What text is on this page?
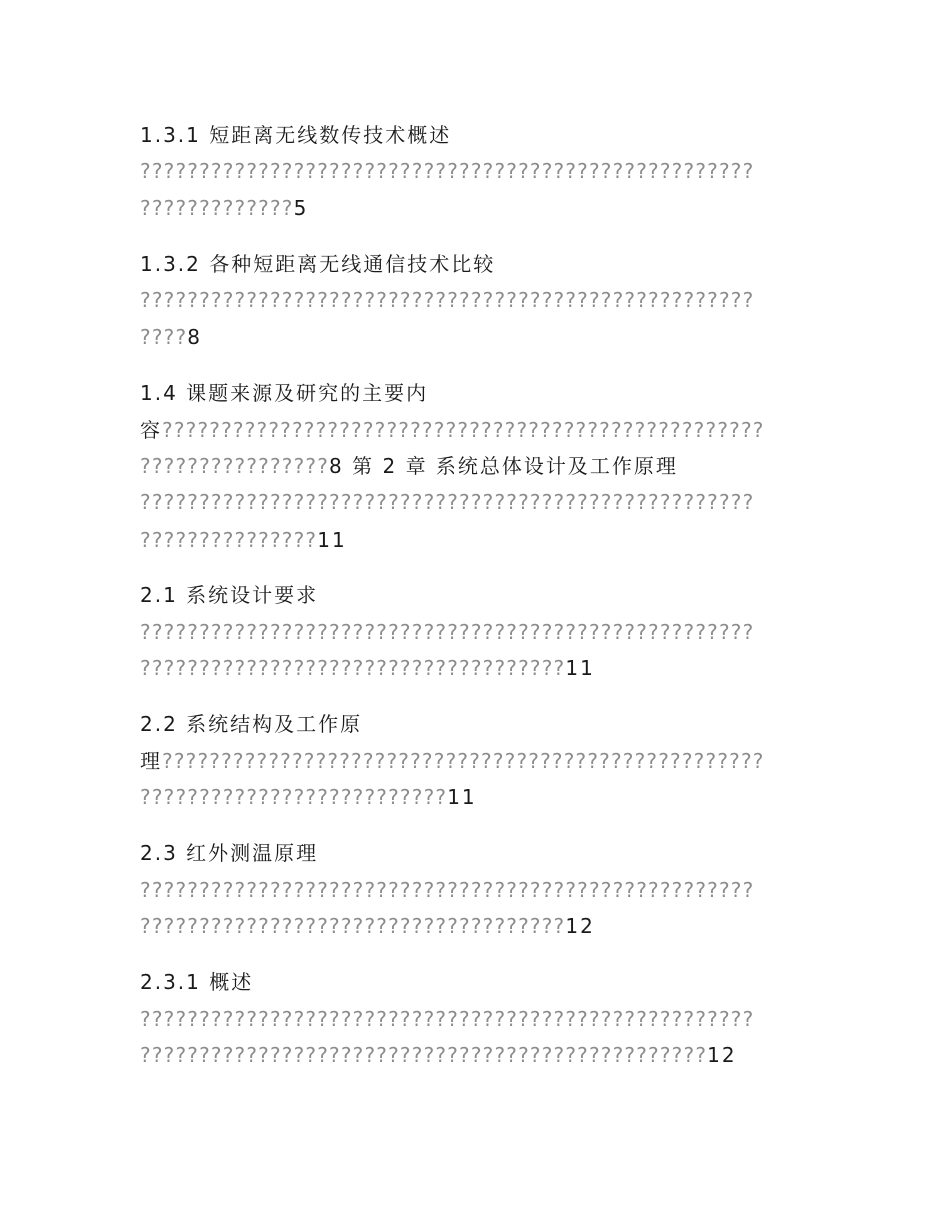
1.3.1 短距离无线数传技术概述
????????????????????????????????????????????????????
?????????????5
1.3.2 各种短距离无线通信技术比较
????????????????????????????????????????????????????
????8
1.4 课题来源及研究的主要内
容???????????????????????????????????????????????????
????????????????8 第 2 章 系统总体设计及工作原理
????????????????????????????????????????????????????
???????????????11
2.1 系统设计要求
????????????????????????????????????????????????????
????????????????????????????????????11
2.2 系统结构及工作原
理???????????????????????????????????????????????????
??????????????????????????11
2.3 红外测温原理
????????????????????????????????????????????????????
????????????????????????????????????12
2.3.1 概述
????????????????????????????????????????????????????
????????????????????????????????????????????????12
